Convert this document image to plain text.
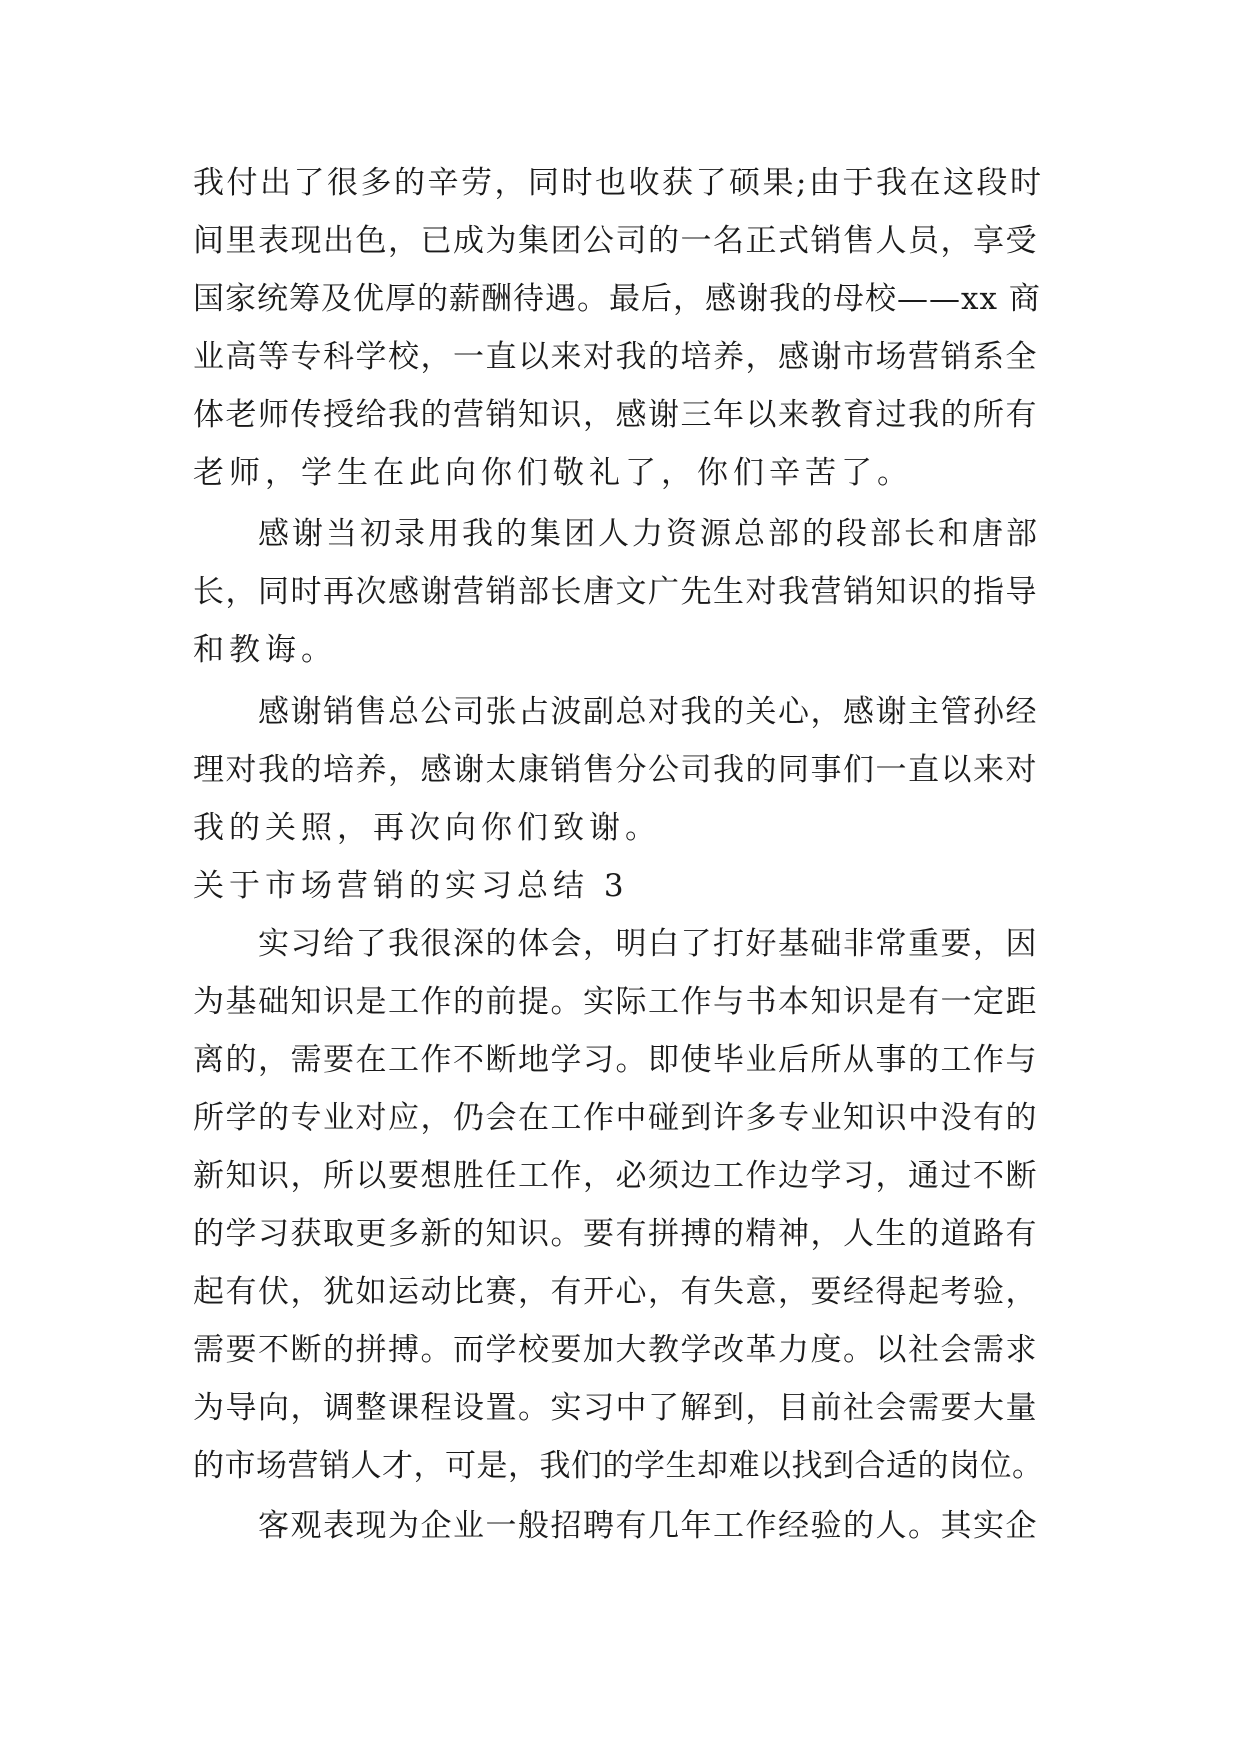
我付出了很多的辛劳，同时也收获了硕果;由于我在这段时
间里表现出色，已成为集团公司的一名正式销售人员，享受
国家统筹及优厚的薪酬待遇。最后，感谢我的母校——xx 商
业高等专科学校，一直以来对我的培养，感谢市场营销系全
体老师传授给我的营销知识，感谢三年以来教育过我的所有
老师，学生在此向你们敬礼了，你们辛苦了。
感谢当初录用我的集团人力资源总部的段部长和唐部
长，同时再次感谢营销部长唐文广先生对我营销知识的指导
和教诲。
感谢销售总公司张占波副总对我的关心，感谢主管孙经
理对我的培养，感谢太康销售分公司我的同事们一直以来对
我的关照，再次向你们致谢。
关于市场营销的实习总结 3
实习给了我很深的体会，明白了打好基础非常重要，因
为基础知识是工作的前提。实际工作与书本知识是有一定距
离的，需要在工作不断地学习。即使毕业后所从事的工作与
所学的专业对应，仍会在工作中碰到许多专业知识中没有的
新知识，所以要想胜任工作，必须边工作边学习，通过不断
的学习获取更多新的知识。要有拼搏的精神，人生的道路有
起有伏，犹如运动比赛，有开心，有失意，要经得起考验，
需要不断的拼搏。而学校要加大教学改革力度。以社会需求
为导向，调整课程设置。实习中了解到，目前社会需要大量
的市场营销人才，可是，我们的学生却难以找到合适的岗位。
客观表现为企业一般招聘有几年工作经验的人。其实企
